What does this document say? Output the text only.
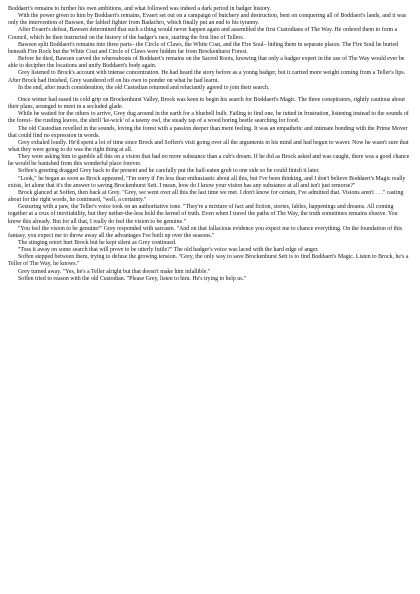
Boddaert's remains to further his own ambitions, and what followed was indeed a dark period in badger history.

With the power given to him by Boddaert's remains, Evaert set out on a campaign of butchery and destruction, bent on conquering all of Boddaert's lands, and it was only the intervention of Bawsen, the fabled fighter from Badachro, which finally put an end to his tyranny.

After Evaert's defeat, Bawsen determined that such a thing would never happen again and assembled the first Custodians of The Way. He ordered them to form a Council, which he then instructed on the history of the badger's race, starting the first line of Tellers.

Bawsen split Boddaert's remains into three parts– the Circle of Claws, the White Coat, and the Fire Soul– hiding them in separate places. The Fire Soul he buried beneath Fire Rock but the White Coat and Circle of Claws were hidden far from Brockenhurst Forest.

Before he died, Bawsen carved the whereabouts of Boddaert's remains on the Sacred Roots, knowing that only a badger expert in the use of The Way would ever be able to decipher the locations and unify Boddaert's body again.

Grey listened to Brock's account with intense concentration. He had heard the story before as a young badger, but it carried more weight coming from a Teller's lips. After Brock had finished, Grey wandered off on his own to ponder on what he had learnt.

In the end, after much consideration, the old Custodian returned and reluctantly agreed to join their search.

*

Once winter had eased its cold grip on Brockenhurst Valley, Brock was keen to begin his search for Boddaert's Magic. The three conspirators, rightly cautious about their plans, arranged to meet in a secluded glade.

While he waited for the others to arrive, Grey dug around in the earth for a bluebell bulb. Failing to find one, he tutted in frustration, listening instead to the sounds of the forest– the rustling leaves, the shrill 'ke-wick' of a tawny owl, the steady tap of a wood boring beetle searching for food.

The old Custodian revelled in the sounds, loving the forest with a passion deeper than mere feeling. It was an empathetic and intimate bonding with the Prime Mover that could find no expression in words.

Grey exhaled loudly. He'd spent a lot of time since Brock and Soffen's visit going over all the arguments in his mind and had begun to waver. Now he wasn't sure that what they were going to do was the right thing at all.

They were asking him to gamble all this on a vision that had no more substance than a cub's dream. If he did as Brock asked and was caught, there was a good chance he would be banished from this wonderful place forever.

Soffen's greeting dragged Grey back to the present and he carefully put the half-eaten grub to one side so he could finish it later.

"Look," he began as soon as Brock appeared, "I'm sorry if I'm less than enthusiastic about all this, but I've been thinking, and I don't believe Boddaert's Magic really exists, let alone that it's the answer to saving Brockenhurst Sett. I mean, how do I know your vision has any substance at all and isn't just remorse?"

Brock glanced at Soffen, then back at Grey. "Grey, we went over all this the last time we met. I don't know for certain, I've admitted that. Visions aren't . . ." casting about for the right words, he continued, "well, a certainty."

Gesturing with a paw, the Teller's voice took on an authoritative tone. "They're a mixture of fact and fiction, stories, fables, happenings and dreams. All coming together at a crux of inevitability, but they nether-the-less hold the kernel of truth. Even when I travel the paths of The Way, the truth sometimes remains elusive. You know this already. But for all that, I really do feel the vision to be genuine."

"You feel the vision to be genuine!" Grey responded with sarcasm. "And on that fallacious evidence you expect me to chance everything. On the foundation of this fantasy, you expect me to throw away all the advantages I've built up over the seasons."

The stinging retort hurt Brock but he kept silent as Grey continued.

"Toss it away on some search that will prove to be utterly futile?" The old badger's voice was laced with the hard edge of anger.

Soffen stepped between them, trying to defuse the growing tension. "Grey, the only way to save Brockenhurst Sett is to find Boddaert's Magic. Listen to Brock, he's a Teller of The Way, he knows."

Grey turned away. "Yes, he's a Teller alright but that doesn't make him infallible."

Soffen tried to reason with the old Custodian. "Please Grey, listen to him. He's trying to help us."
